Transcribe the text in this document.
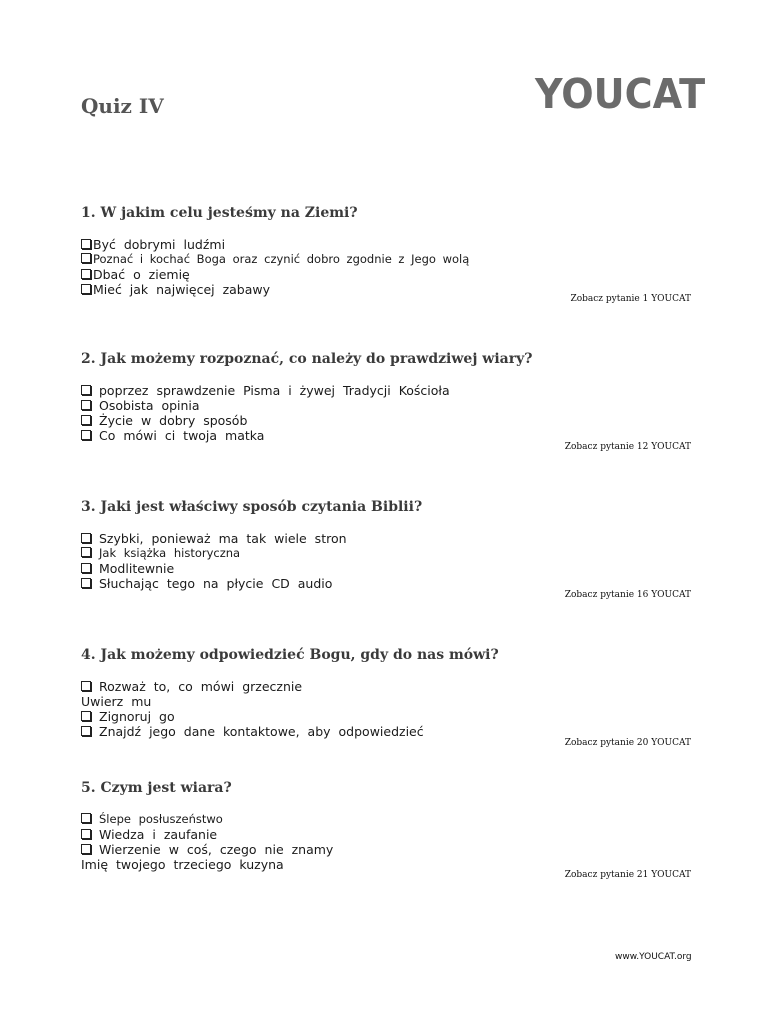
Quiz IV	YOUCAT
1. W jakim celu jesteśmy na Ziemi?
Być dobrymi ludźmi
Poznać i kochać Boga oraz czynić dobro zgodnie z Jego wolą
Dbać o ziemię
Mieć jak najwięcej zabawy
Zobacz pytanie 1 YOUCAT
2. Jak możemy rozpoznać, co należy do prawdziwej wiary?
poprzez sprawdzenie Pisma i żywej Tradycji Kościoła
Osobista opinia
Życie w dobry sposób
Co mówi ci twoja matka
Zobacz pytanie 12 YOUCAT
3. Jaki jest właściwy sposób czytania Biblii?
Szybki, ponieważ ma tak wiele stron
Jak książka historyczna
Modlitewnie
Słuchając tego na płycie CD audio
Zobacz pytanie 16 YOUCAT
4. Jak możemy odpowiedzieć Bogu, gdy do nas mówi?
Rozważ to, co mówi grzecznie
Uwierz mu
Zignoruj go
Znajdź jego dane kontaktowe, aby odpowiedzieć
Zobacz pytanie 20 YOUCAT
5. Czym jest wiara?
Ślepe posłuszeństwo
Wiedza i zaufanie
Wierzenie w coś, czego nie znamy
Imię twojego trzeciego kuzyna
Zobacz pytanie 21 YOUCAT
www.YOUCAT.org
